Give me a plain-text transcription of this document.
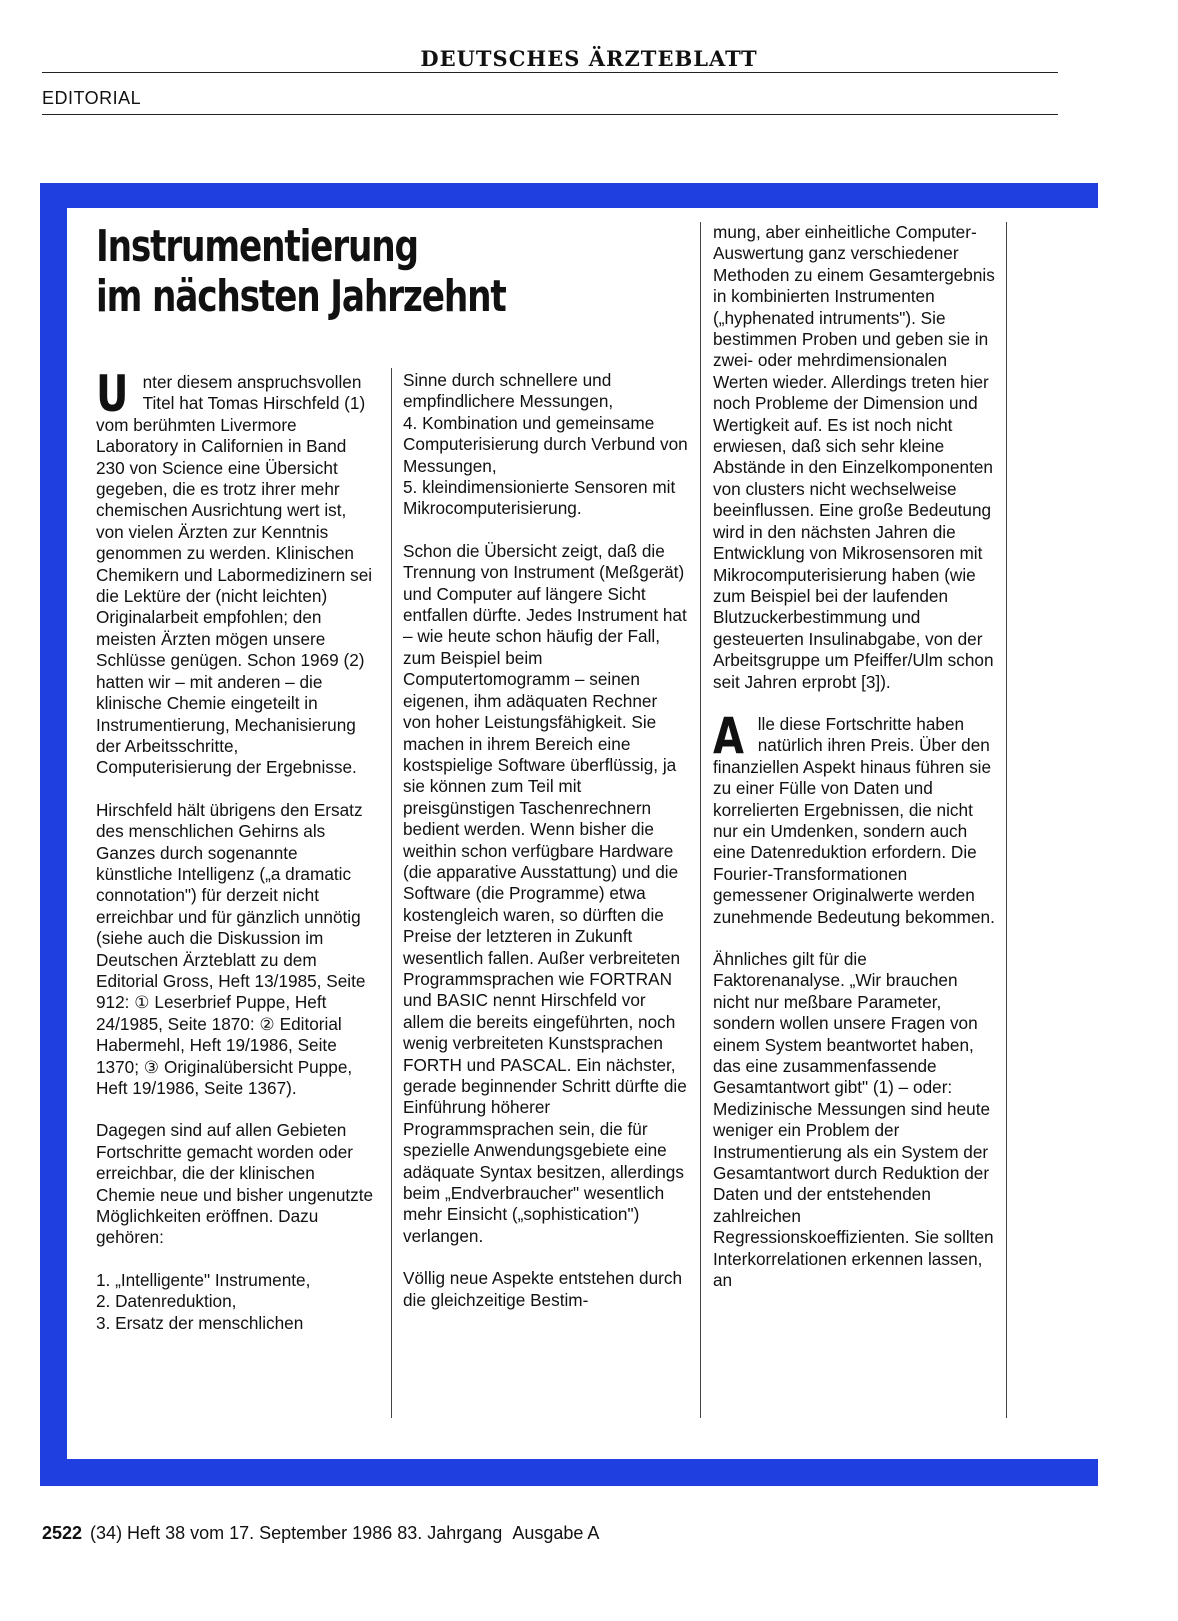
DEUTSCHES ÄRZTEBLATT
EDITORIAL
Instrumentierung
im nächsten Jahrzehnt

Unter diesem anspruchsvollen Titel hat Tomas Hirschfeld (1) vom berühmten Livermore Laboratory in Californien in Band 230 von Science eine Übersicht gegeben, die es trotz ihrer mehr chemischen Ausrichtung wert ist, von vielen Ärzten zur Kenntnis genommen zu werden. Klinischen Chemikern und Labormedizinern sei die Lektüre der (nicht leichten) Originalarbeit empfohlen; den meisten Ärzten mögen unsere Schlüsse genügen. Schon 1969 (2) hatten wir – mit anderen – die klinische Chemie eingeteilt in Instrumentierung, Mechanisierung der Arbeitsschritte, Computerisierung der Ergebnisse.

Hirschfeld hält übrigens den Ersatz des menschlichen Gehirns als Ganzes durch sogenannte künstliche Intelligenz („a dramatic connotation") für derzeit nicht erreichbar und für gänzlich unnötig (siehe auch die Diskussion im Deutschen Ärzteblatt zu dem Editorial Gross, Heft 13/1985, Seite 912: ① Leserbrief Puppe, Heft 24/1985, Seite 1870: ② Editorial Habermehl, Heft 19/1986, Seite 1370; ③ Originalübersicht Puppe, Heft 19/1986, Seite 1367).

Dagegen sind auf allen Gebieten Fortschritte gemacht worden oder erreichbar, die der klinischen Chemie neue und bisher ungenutzte Möglichkeiten eröffnen. Dazu gehören:

1. „Intelligente" Instrumente,
2. Datenreduktion,
3. Ersatz der menschlichen
Sinne durch schnellere und empfindlichere Messungen,
4. Kombination und gemeinsame Computerisierung durch Verbund von Messungen,
5. kleindimensionierte Sensoren mit Mikrocomputerisierung.

Schon die Übersicht zeigt, daß die Trennung von Instrument (Meßgerät) und Computer auf längere Sicht entfallen dürfte. Jedes Instrument hat – wie heute schon häufig der Fall, zum Beispiel beim Computertomogramm – seinen eigenen, ihm adäquaten Rechner von hoher Leistungsfähigkeit. Sie machen in ihrem Bereich eine kostspielige Software überflüssig, ja sie können zum Teil mit preisgünstigen Taschenrechnern bedient werden. Wenn bisher die weithin schon verfügbare Hardware (die apparative Ausstattung) und die Software (die Programme) etwa kostengleich waren, so dürften die Preise der letzteren in Zukunft wesentlich fallen. Außer verbreiteten Programmsprachen wie FORTRAN und BASIC nennt Hirschfeld vor allem die bereits eingeführten, noch wenig verbreiteten Kunstsprachen FORTH und PASCAL. Ein nächster, gerade beginnender Schritt dürfte die Einführung höherer Programmsprachen sein, die für spezielle Anwendungsgebiete eine adäquate Syntax besitzen, allerdings beim „Endverbraucher" wesentlich mehr Einsicht („sophistication") verlangen.

Völlig neue Aspekte entstehen durch die gleichzeitige Bestim-

mung, aber einheitliche Computer-Auswertung ganz verschiedener Methoden zu einem Gesamtergebnis in kombinierten Instrumenten („hyphenated intruments"). Sie bestimmen Proben und geben sie in zwei- oder mehrdimensionalen Werten wieder. Allerdings treten hier noch Probleme der Dimension und Wertigkeit auf. Es ist noch nicht erwiesen, daß sich sehr kleine Abstände in den Einzelkomponenten von clusters nicht wechselweise beeinflussen. Eine große Bedeutung wird in den nächsten Jahren die Entwicklung von Mikrosensoren mit Mikrocomputerisierung haben (wie zum Beispiel bei der laufenden Blutzuckerbestimmung und gesteuerten Insulinabgabe, von der Arbeitsgruppe um Pfeiffer/Ulm schon seit Jahren erprobt [3]).

Alle diese Fortschritte haben natürlich ihren Preis. Über den finanziellen Aspekt hinaus führen sie zu einer Fülle von Daten und korrelierten Ergebnissen, die nicht nur ein Umdenken, sondern auch eine Datenreduktion erfordern. Die Fourier-Transformationen gemessener Originalwerte werden zunehmende Bedeutung bekommen.

Ähnliches gilt für die Faktorenanalyse. „Wir brauchen nicht nur meßbare Parameter, sondern wollen unsere Fragen von einem System beantwortet haben, das eine zusammenfassende Gesamtantwort gibt" (1) – oder: Medizinische Messungen sind heute weniger ein Problem der Instrumentierung als ein System der Gesamtantwort durch Reduktion der Daten und der entstehenden zahlreichen Regressionskoeffizienten. Sie sollten Interkorrelationen erkennen lassen, an

2522 (34) Heft 38 vom 17. September 1986 83. Jahrgang Ausgabe A
